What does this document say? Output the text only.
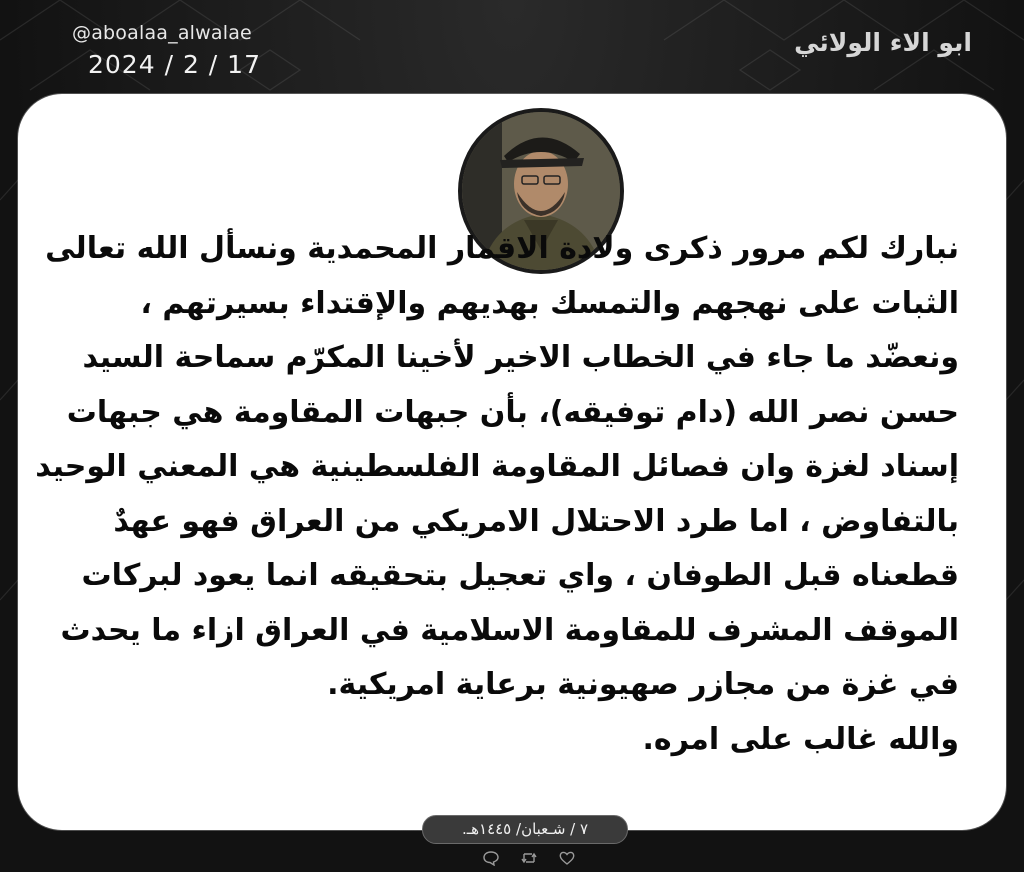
@aboalaa_alwalae
2024 / 2 / 17
ابو الاء الولائي
نبارك لكم مرور ذكرى ولادة الاقمار المحمدية ونسأل الله تعالى
الثبات على نهجهم والتمسك بهديهم والإقتداء بسيرتهم ،
ونعضّد ما جاء في الخطاب الاخير لأخينا المكرّم سماحة السيد
حسن نصر الله (دام توفيقه)، بأن جبهات المقاومة هي جبهات
إسناد لغزة وان فصائل المقاومة الفلسطينية هي المعني الوحيد
بالتفاوض ، اما طرد الاحتلال الامريكي من العراق فهو عهدٌ
قطعناه قبل الطوفان ، واي تعجيل بتحقيقه انما يعود لبركات
الموقف المشرف للمقاومة الاسلامية في العراق ازاء ما يحدث
في غزة من مجازر صهيونية برعاية امريكية.
والله غالب على امره.
٧ / شـعبان/ ١٤٤٥هـ.
